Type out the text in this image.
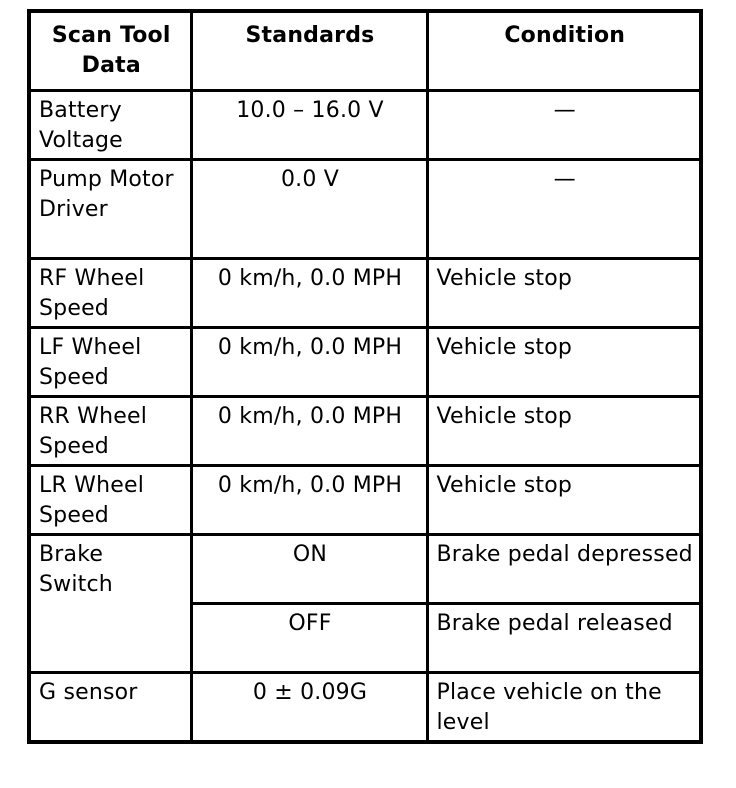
Scan Tool Data	Standards	Condition
Battery Voltage	10.0 – 16.0 V	—
Pump Motor Driver	0.0 V	—
RF Wheel Speed	0 km/h, 0.0 MPH	Vehicle stop
LF Wheel Speed	0 km/h, 0.0 MPH	Vehicle stop
RR Wheel Speed	0 km/h, 0.0 MPH	Vehicle stop
LR Wheel Speed	0 km/h, 0.0 MPH	Vehicle stop
Brake Switch	ON	Brake pedal depressed
	OFF	Brake pedal released
G sensor	0 ± 0.09G	Place vehicle on the level
